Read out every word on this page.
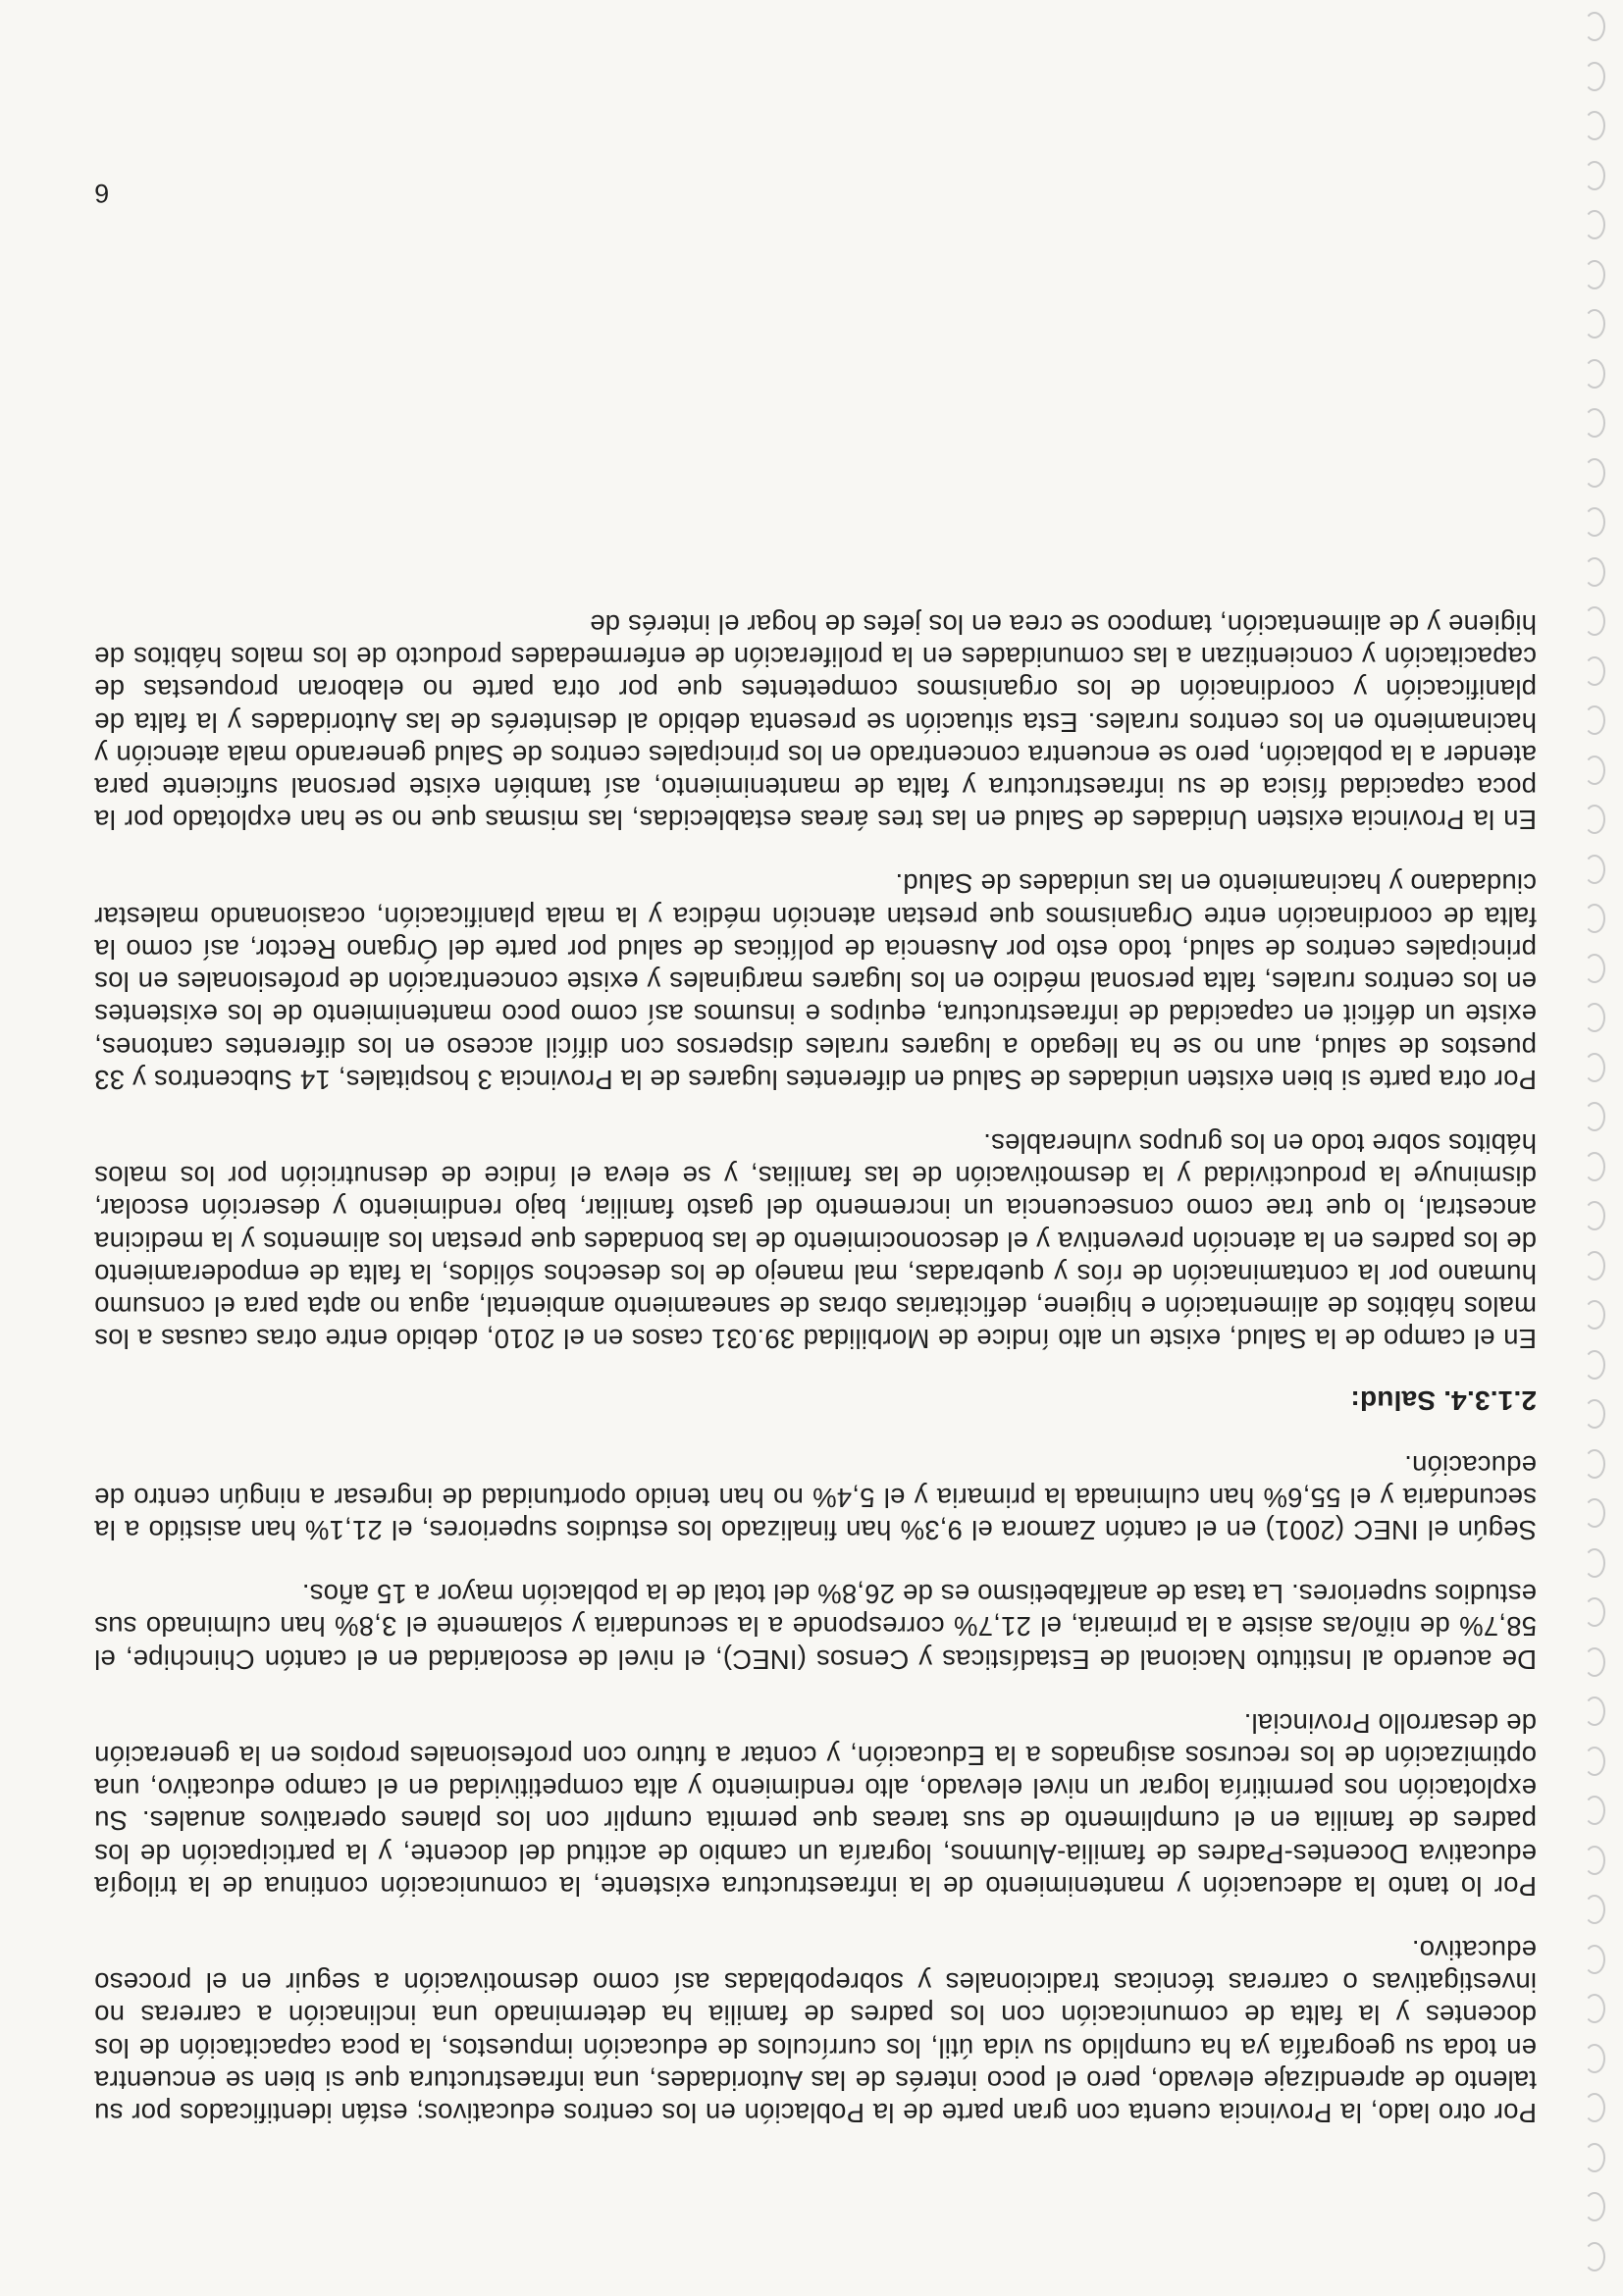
Por otro lado, la Provincia cuenta con gran parte de la Población en los centros educativos; están identificados por su talento de aprendizaje elevado, pero el poco interés de las Autoridades, una infraestructura que si bien se encuentra en toda su geografía ya ha cumplido su vida útil, los currículos de educación impuestos, la poca capacitación de los docentes y la falta de comunicación con los padres de familia ha determinado una inclinación a carreras no investigativas o carreras técnicas tradicionales y sobrepobladas así como desmotivación a seguir en el proceso educativo.

Por lo tanto la adecuación y mantenimiento de la infraestructura existente, la comunicación continua de la trilogía educativa Docentes-Padres de familia-Alumnos, lograría un cambio de actitud del docente, y la participación de los padres de familia en el cumplimento de sus tareas que permita cumplir con los planes operativos anuales. Su explotación nos permitiría lograr un nivel elevado, alto rendimiento y alta competitividad en el campo educativo, una optimización de los recursos asignados a la Educación, y contar a futuro con profesionales propios en la generación de desarrollo Provincial.

De acuerdo al Instituto Nacional de Estadísticas y Censos (INEC), el nivel de escolaridad en el cantón Chinchipe, el 58,7% de niño/as asiste a la primaria, el 21,7% corresponde a la secundaria y solamente el 3,8% han culminado sus estudios superiores. La tasa de analfabetismo es de 26,8% del total de la población mayor a 15 años.

Según el INEC (2001) en el cantón Zamora el 9,3% han finalizado los estudios superiores, el 21,1% han asistido a la secundaria y el 55,6% han culminada la primaria y el 5,4% no han tenido oportunidad de ingresar a ningún centro de educación.

2.1.3.4. Salud:

En el campo de la Salud, existe un alto índice de Morbilidad 39.031 casos en el 2010, debido entre otras causas a los malos hábitos de alimentación e higiene, deficitarias obras de saneamiento ambiental, agua no apta para el consumo humano por la contaminación de ríos y quebradas, mal manejo de los desechos sólidos, la falta de empoderamiento de los padres en la atención preventiva y el desconocimiento de las bondades que prestan los alimentos y la medicina ancestral, lo que trae como consecuencia un incremento del gasto familiar, bajo rendimiento y deserción escolar, disminuye la productividad y la desmotivación de las familias, y se eleva el índice de desnutrición por los malos hábitos sobre todo en los grupos vulnerables.

Por otra parte si bien existen unidades de Salud en diferentes lugares de la Provincia 3 hospitales, 14 Subcentros y 33 puestos de salud, aun no se ha llegado a lugares rurales dispersos con difícil acceso en los diferentes cantones, existe un déficit en capacidad de infraestructura, equipos e insumos así como poco mantenimiento de los existentes en los centros rurales, falta personal médico en los lugares marginales y existe concentración de profesionales en los principales centros de salud, todo esto por Ausencia de políticas de salud por parte del Órgano Rector, así como la falta de coordinación entre Organismos que prestan atención médica y la mala planificación, ocasionando malestar ciudadano y hacinamiento en las unidades de Salud.

En la Provincia existen Unidades de Salud en las tres áreas establecidas, las mismas que no se han explotado por la poca capacidad física de su infraestructura y falta de mantenimiento, así también existe personal suficiente para atender a la población, pero se encuentra concentrado en los principales centros de Salud generando mala atención y hacinamiento en los centros rurales. Esta situación se presenta debido al desinterés de las Autoridades y la falta de planificación y coordinación de los organismos competentes que por otra parte no elaboran propuestas de capacitación y concientizan a las comunidades en la proliferación de enfermedades producto de los malos hábitos de higiene y de alimentación, tampoco se crea en los jefes de hogar el interés de

6
